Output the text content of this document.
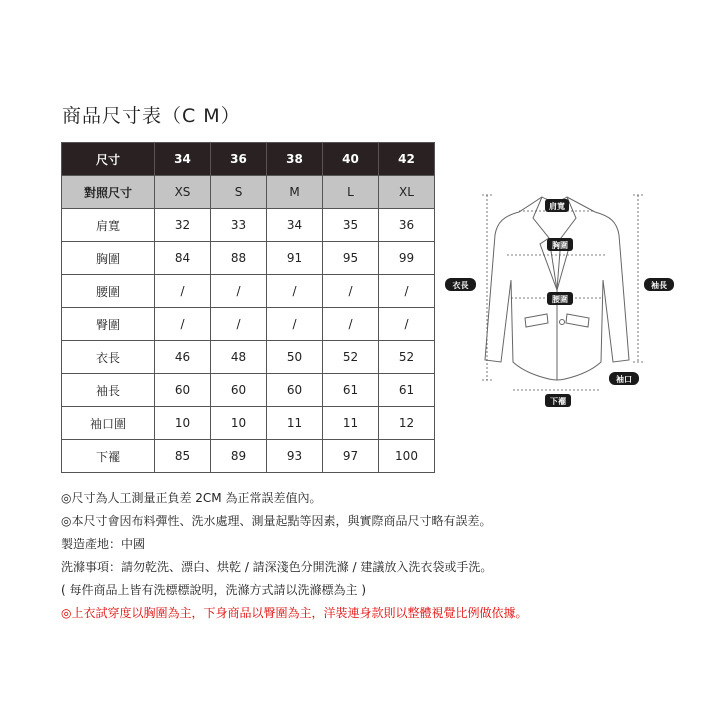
商品尺寸表（C M）
尺寸	34	36	38	40	42
對照尺寸	XS	S	M	L	XL
肩寬	32	33	34	35	36
胸圍	84	88	91	95	99
腰圍	/	/	/	/	/
臀圍	/	/	/	/	/
衣長	46	48	50	52	52
袖長	60	60	60	61	61
袖口圍	10	10	11	11	12
下襬	85	89	93	97	100
肩寬
胸圍
腰圍
衣長	袖長
袖口
下襬
◎尺寸為人工測量正負差 2CM 為正常誤差值內。
◎本尺寸會因布料彈性、洗水處理、測量起點等因素，與實際商品尺寸略有誤差。
製造產地：中國
洗滌事項：請勿乾洗、漂白、烘乾 / 請深淺色分開洗滌 / 建議放入洗衣袋或手洗。
( 每件商品上皆有洗標標說明，洗滌方式請以洗滌標為主 )
◎上衣試穿度以胸圍為主，下身商品以臀圍為主，洋裝連身款則以整體視覺比例做依據。
